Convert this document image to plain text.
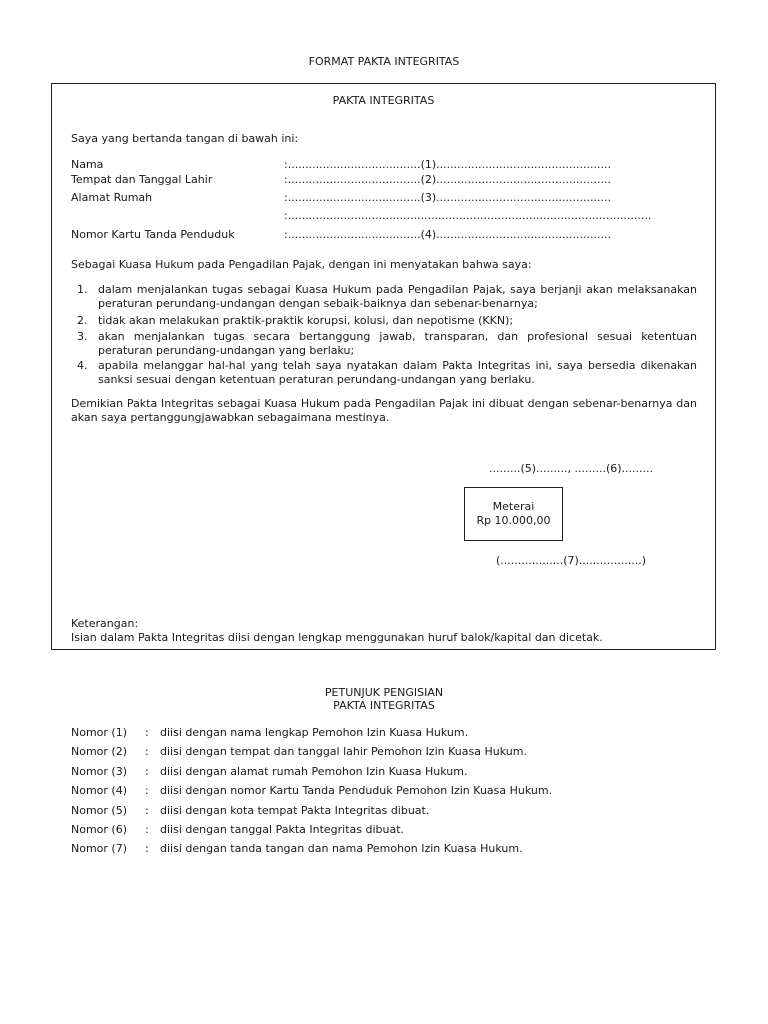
FORMAT PAKTA INTEGRITAS
PAKTA INTEGRITAS
Saya yang bertanda tangan di bawah ini:
Nama	:......................................(1)..................................................
Tempat dan Tanggal Lahir	:......................................(2)..................................................
Alamat Rumah	:......................................(3)..................................................
:........................................................................................................
Nomor Kartu Tanda Penduduk	:......................................(4)..................................................
Sebagai Kuasa Hukum pada Pengadilan Pajak, dengan ini menyatakan bahwa saya:
1. dalam menjalankan tugas sebagai Kuasa Hukum pada Pengadilan Pajak, saya berjanji akan melaksanakan peraturan perundang-undangan dengan sebaik-baiknya dan sebenar-benarnya;
2. tidak akan melakukan praktik-praktik korupsi, kolusi, dan nepotisme (KKN);
3. akan menjalankan tugas secara bertanggung jawab, transparan, dan profesional sesuai ketentuan peraturan perundang-undangan yang berlaku;
4. apabila melanggar hal-hal yang telah saya nyatakan dalam Pakta Integritas ini, saya bersedia dikenakan sanksi sesuai dengan ketentuan peraturan perundang-undangan yang berlaku.
Demikian Pakta Integritas sebagai Kuasa Hukum pada Pengadilan Pajak ini dibuat dengan sebenar-benarnya dan akan saya pertanggungjawabkan sebagaimana mestinya.
.........(5)........., .........(6).........
Meterai
Rp 10.000,00
(..................(7)..................)
Keterangan:
Isian dalam Pakta Integritas diisi dengan lengkap menggunakan huruf balok/kapital dan dicetak.
PETUNJUK PENGISIAN
PAKTA INTEGRITAS
Nomor (1) : diisi dengan nama lengkap Pemohon Izin Kuasa Hukum.
Nomor (2) : diisi dengan tempat dan tanggal lahir Pemohon Izin Kuasa Hukum.
Nomor (3) : diisi dengan alamat rumah Pemohon Izin Kuasa Hukum.
Nomor (4) : diisi dengan nomor Kartu Tanda Penduduk Pemohon Izin Kuasa Hukum.
Nomor (5) : diisi dengan kota tempat Pakta Integritas dibuat.
Nomor (6) : diisi dengan tanggal Pakta Integritas dibuat.
Nomor (7) : diisi dengan tanda tangan dan nama Pemohon Izin Kuasa Hukum.
